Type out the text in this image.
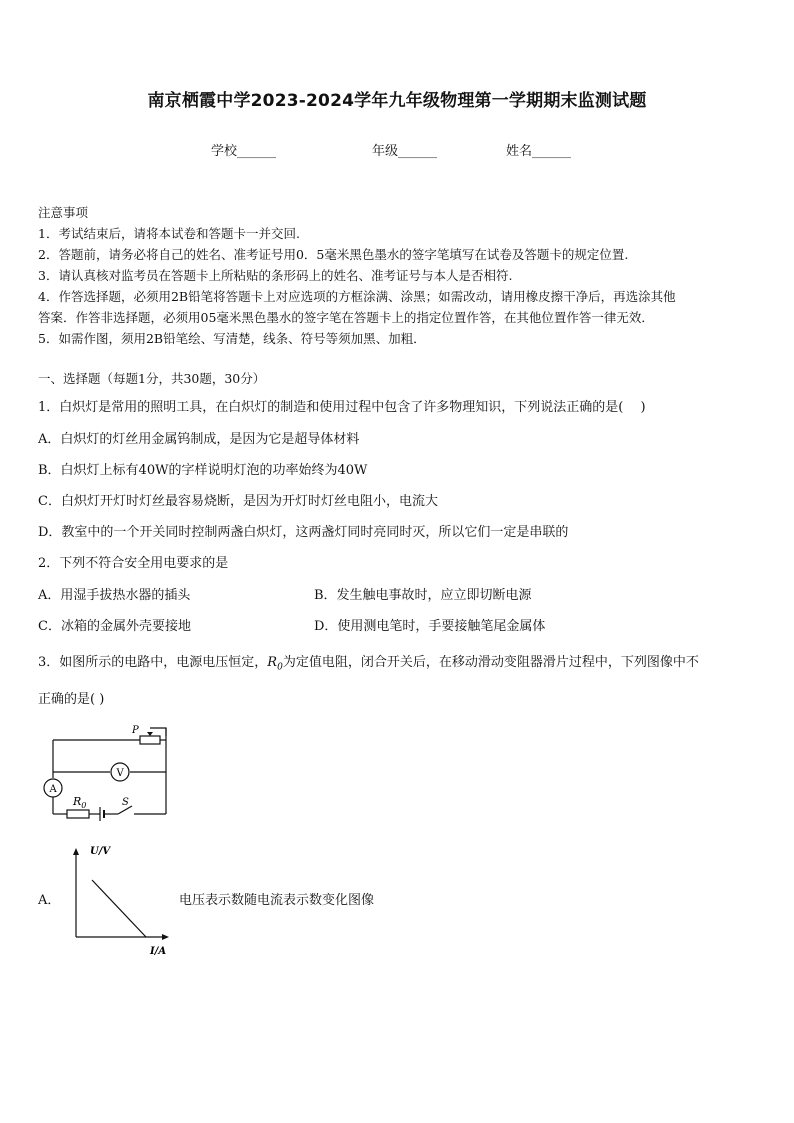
南京栖霞中学2023-2024学年九年级物理第一学期期末监测试题
学校______	年级______	姓名______
注意事项
1．考试结束后，请将本试卷和答题卡一并交回.
2．答题前，请务必将自己的姓名、准考证号用0．5毫米黑色墨水的签字笔填写在试卷及答题卡的规定位置.
3．请认真核对监考员在答题卡上所粘贴的条形码上的姓名、准考证号与本人是否相符.
4．作答选择题，必须用2B铅笔将答题卡上对应选项的方框涂满、涂黑；如需改动，请用橡皮擦干净后，再选涂其他
答案．作答非选择题，必须用05毫米黑色墨水的签字笔在答题卡上的指定位置作答，在其他位置作答一律无效．
5．如需作图，须用2B铅笔绘、写清楚，线条、符号等须加黑、加粗．
一、选择题（每题1分，共30题，30分）
1．白炽灯是常用的照明工具，在白炽灯的制造和使用过程中包含了许多物理知识，下列说法正确的是(　 )
A．白炽灯的灯丝用金属钨制成，是因为它是超导体材料
B．白炽灯上标有40W的字样说明灯泡的功率始终为40W
C．白炽灯开灯时灯丝最容易烧断，是因为开灯时灯丝电阻小，电流大
D．教室中的一个开关同时控制两盏白炽灯，这两盏灯同时亮同时灭，所以它们一定是串联的
2．下列不符合安全用电要求的是
A．用湿手拔热水器的插头	B．发生触电事故时，应立即切断电源
C．冰箱的金属外壳要接地	D．使用测电笔时，手要接触笔尾金属体
3．如图所示的电路中，电源电压恒定，$R_0$为定值电阻，闭合开关后，在移动滑动变阻器滑片过程中，下列图像中不
正确的是( )
P
V
A
$R_0$	S
A．
U/V
I/A
电压表示数随电流表示数变化图像
